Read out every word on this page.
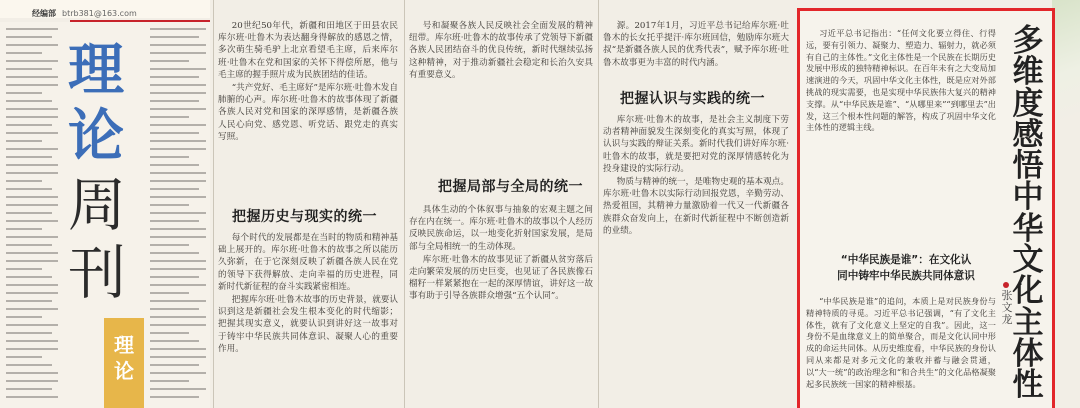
经编部 btrb381@163.com
理
论
周
刊
理
论

20世纪50年代，新疆和田地区于田县农民库尔班·吐鲁木为表达翻身得解放的感恩之情，多次萌生骑毛驴上北京看望毛主席，后来库尔班·吐鲁木在党和国家的关怀下得偿所愿，他与毛主席的握手照片成为民族团结的佳话。

“共产党好、毛主席好”是库尔班·吐鲁木发自肺腑的心声。库尔班·吐鲁木的故事体现了新疆各族人民对党和国家的深厚感情，是新疆各族人民心向党、感党恩、听党话、跟党走的真实写照。

把握历史与现实的统一

每个时代的发展都是在当时的物质和精神基础上展开的。库尔班·吐鲁木的故事之所以能历久弥新，在于它深刻反映了新疆各族人民在党的领导下获得解放、走向幸福的历史进程，同新时代新征程的奋斗实践紧密相连。

把握库尔班·吐鲁木故事的历史背景，就要认识到这是新疆社会发生根本变化的时代缩影；把握其现实意义，就要认识到讲好这一故事对于铸牢中华民族共同体意识、凝聚人心的重要作用。

号和凝聚各族人民反映社会全面发展的精神纽带。库尔班·吐鲁木的故事传承了党领导下新疆各族人民团结奋斗的优良传统，新时代继续弘扬这种精神，对于推动新疆社会稳定和长治久安具有重要意义。

把握局部与全局的统一

具体生动的个体叙事与抽象的宏观主题之间存在内在统一。库尔班·吐鲁木的故事以个人经历反映民族命运，以一地变化折射国家发展，是局部与全局相统一的生动体现。

库尔班·吐鲁木的故事见证了新疆从贫穷落后走向繁荣发展的历史巨变，也见证了各民族像石榴籽一样紧紧抱在一起的深厚情谊，讲好这一故事有助于引导各族群众增强“五个认同”。

源。2017年1月，习近平总书记给库尔班·吐鲁木的长女托乎提汗·库尔班回信，勉励库尔班大叔“是新疆各族人民的优秀代表”，赋予库尔班·吐鲁木故事更为丰富的时代内涵。

把握认识与实践的统一

库尔班·吐鲁木的故事，是社会主义制度下劳动者精神面貌发生深刻变化的真实写照，体现了认识与实践的辩证关系。新时代我们讲好库尔班·吐鲁木的故事，就是要把对党的深厚情感转化为投身建设的实际行动。

物质与精神的统一，是唯物史观的基本观点。库尔班·吐鲁木以实际行动回报党恩，辛勤劳动、热爱祖国，其精神力量激励着一代又一代新疆各族群众奋发向上，在新时代新征程中不断创造新的业绩。

习近平总书记指出：“任何文化要立得住、行得远，要有引领力、凝聚力、塑造力、辐射力，就必须有自己的主体性。”文化主体性是一个民族在长期历史发展中形成的独特精神标识。在百年未有之大变局加速演进的今天，巩固中华文化主体性，既是应对外部挑战的现实需要，也是实现中华民族伟大复兴的精神支撑。从“中华民族是谁”、“从哪里来”“到哪里去”出发，这三个根本性问题的解答，构成了巩固中华文化主体性的逻辑主线。

“中华民族是谁”：在文化认
同中铸牢中华民族共同体意识

“中华民族是谁”的追问，本质上是对民族身份与精神特质的寻觅。习近平总书记强调，“有了文化主体性，就有了文化意义上坚定的自我”。因此，这一身份不是血缘意义上的简单聚合，而是文化认同中形成的命运共同体。从历史维度看，中华民族的身份认同从来都是对多元文化的兼收并蓄与融会贯通，以“大一统”的政治理念和“和合共生”的文化品格凝聚起多民族统一国家的精神根基。

多
维
度
感
悟
中
华
文
化
主
体
性
张
文
龙
